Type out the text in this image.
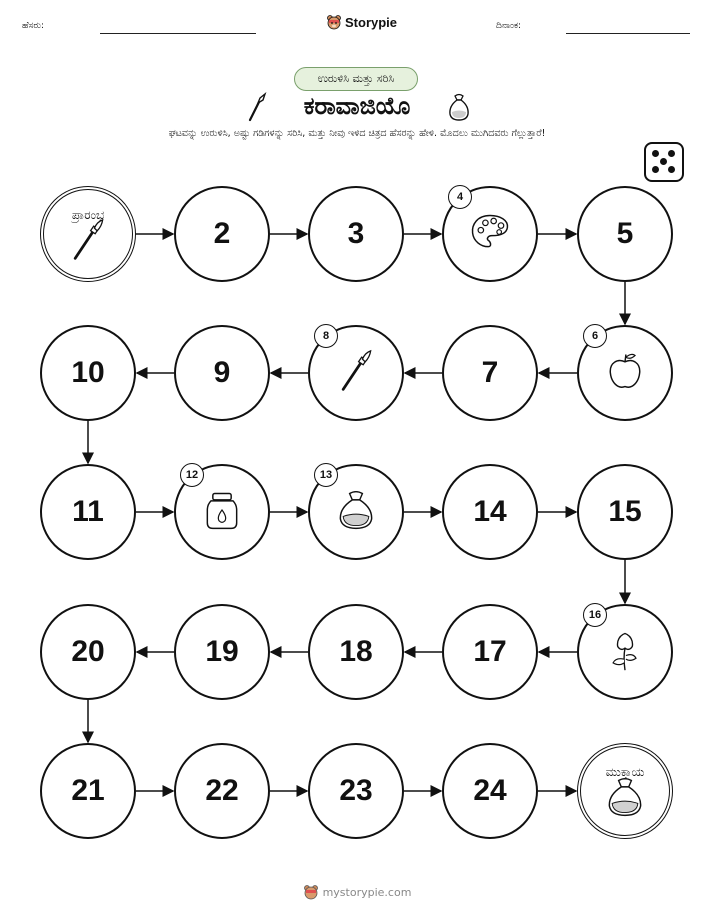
ಹೆಸರು:	Storypie	ದಿನಾಂಕ:
ಉರುಳಿಸಿ ಮತ್ತು ಸರಿಸಿ
ಕರಾವಾಜಿಯೊ
ಘಟವನ್ನು ಉರುಳಿಸಿ, ಅಷ್ಟು ಗಡಿಗಳನ್ನು ಸರಿಸಿ, ಮತ್ತು ನೀವು ಇಳಿದ ಚಿತ್ರದ ಹೆಸರನ್ನು ಹೇಳಿ. ಮೊದಲು ಮುಗಿದವರು ಗೆಲ್ಲುತ್ತಾರೆ!
ಪ್ರಾರಂಭ
2	3
4
5
6
7
8
9
10
11
12	13
14	15
16
17
18
19
20
21	22	23	24
ಮುಕ್ತಾಯ
mystorypie.com
